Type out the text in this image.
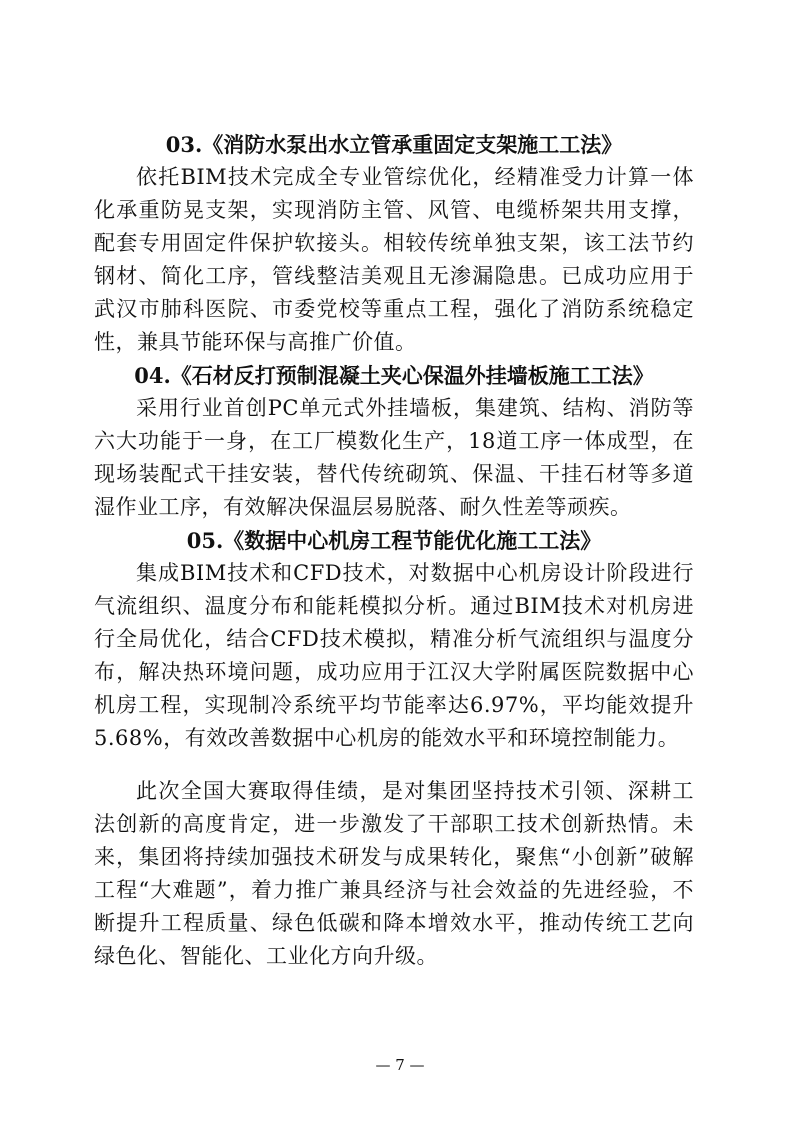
03.《消防水泵出水立管承重固定支架施工工法》

依托BIM技术完成全专业管综优化，经精准受力计算一体化承重防晃支架，实现消防主管、风管、电缆桥架共用支撑，配套专用固定件保护软接头。相较传统单独支架，该工法节约钢材、简化工序，管线整洁美观且无渗漏隐患。已成功应用于武汉市肺科医院、市委党校等重点工程，强化了消防系统稳定性，兼具节能环保与高推广价值。

04.《石材反打预制混凝土夹心保温外挂墙板施工工法》

采用行业首创PC单元式外挂墙板，集建筑、结构、消防等六大功能于一身，在工厂模数化生产，18道工序一体成型，在现场装配式干挂安装，替代传统砌筑、保温、干挂石材等多道湿作业工序，有效解决保温层易脱落、耐久性差等顽疾。

05.《数据中心机房工程节能优化施工工法》

集成BIM技术和CFD技术，对数据中心机房设计阶段进行气流组织、温度分布和能耗模拟分析。通过BIM技术对机房进行全局优化，结合CFD技术模拟，精准分析气流组织与温度分布，解决热环境问题，成功应用于江汉大学附属医院数据中心机房工程，实现制冷系统平均节能率达6.97%，平均能效提升5.68%，有效改善数据中心机房的能效水平和环境控制能力。

此次全国大赛取得佳绩，是对集团坚持技术引领、深耕工法创新的高度肯定，进一步激发了干部职工技术创新热情。未来，集团将持续加强技术研发与成果转化，聚焦“小创新”破解工程“大难题”，着力推广兼具经济与社会效益的先进经验，不断提升工程质量、绿色低碳和降本增效水平，推动传统工艺向绿色化、智能化、工业化方向升级。

— 7 —
